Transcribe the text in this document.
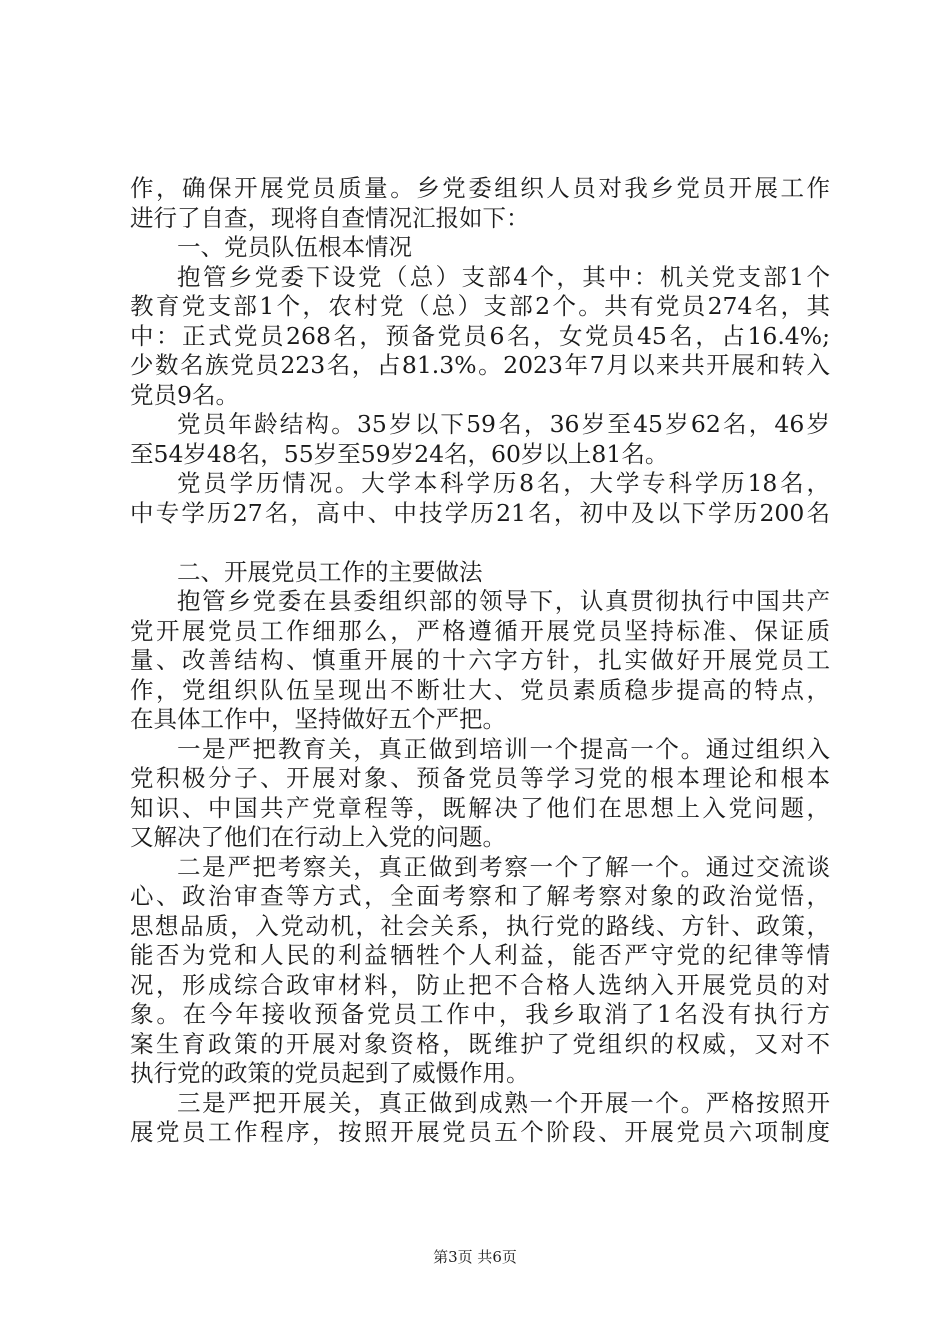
作，确保开展党员质量。乡党委组织人员对我乡党员开展工作
进行了自查，现将自查情况汇报如下：
一、党员队伍根本情况
抱管乡党委下设党（总）支部4个，其中：机关党支部1个
教育党支部1个，农村党（总）支部2个。共有党员274名，其
中：正式党员268名，预备党员6名，女党员45名，占16.4%;
少数名族党员223名，占81.3%。2023年7月以来共开展和转入
党员9名。
党员年龄结构。35岁以下59名，36岁至45岁62名，46岁
至54岁48名，55岁至59岁24名，60岁以上81名。
党员学历情况。大学本科学历8名，大学专科学历18名，
中专学历27名，高中、中技学历21名，初中及以下学历200名
二、开展党员工作的主要做法
抱管乡党委在县委组织部的领导下，认真贯彻执行中国共产
党开展党员工作细那么，严格遵循开展党员坚持标准、保证质
量、改善结构、慎重开展的十六字方针，扎实做好开展党员工
作，党组织队伍呈现出不断壮大、党员素质稳步提高的特点，
在具体工作中，坚持做好五个严把。
一是严把教育关，真正做到培训一个提高一个。通过组织入
党积极分子、开展对象、预备党员等学习党的根本理论和根本
知识、中国共产党章程等，既解决了他们在思想上入党问题，
又解决了他们在行动上入党的问题。
二是严把考察关，真正做到考察一个了解一个。通过交流谈
心、政治审查等方式，全面考察和了解考察对象的政治觉悟，
思想品质，入党动机，社会关系，执行党的路线、方针、政策，
能否为党和人民的利益牺牲个人利益，能否严守党的纪律等情
况，形成综合政审材料，防止把不合格人选纳入开展党员的对
象。在今年接收预备党员工作中，我乡取消了1名没有执行方
案生育政策的开展对象资格，既维护了党组织的权威，又对不
执行党的政策的党员起到了威慑作用。
三是严把开展关，真正做到成熟一个开展一个。严格按照开
展党员工作程序，按照开展党员五个阶段、开展党员六项制度
第3页 共6页
